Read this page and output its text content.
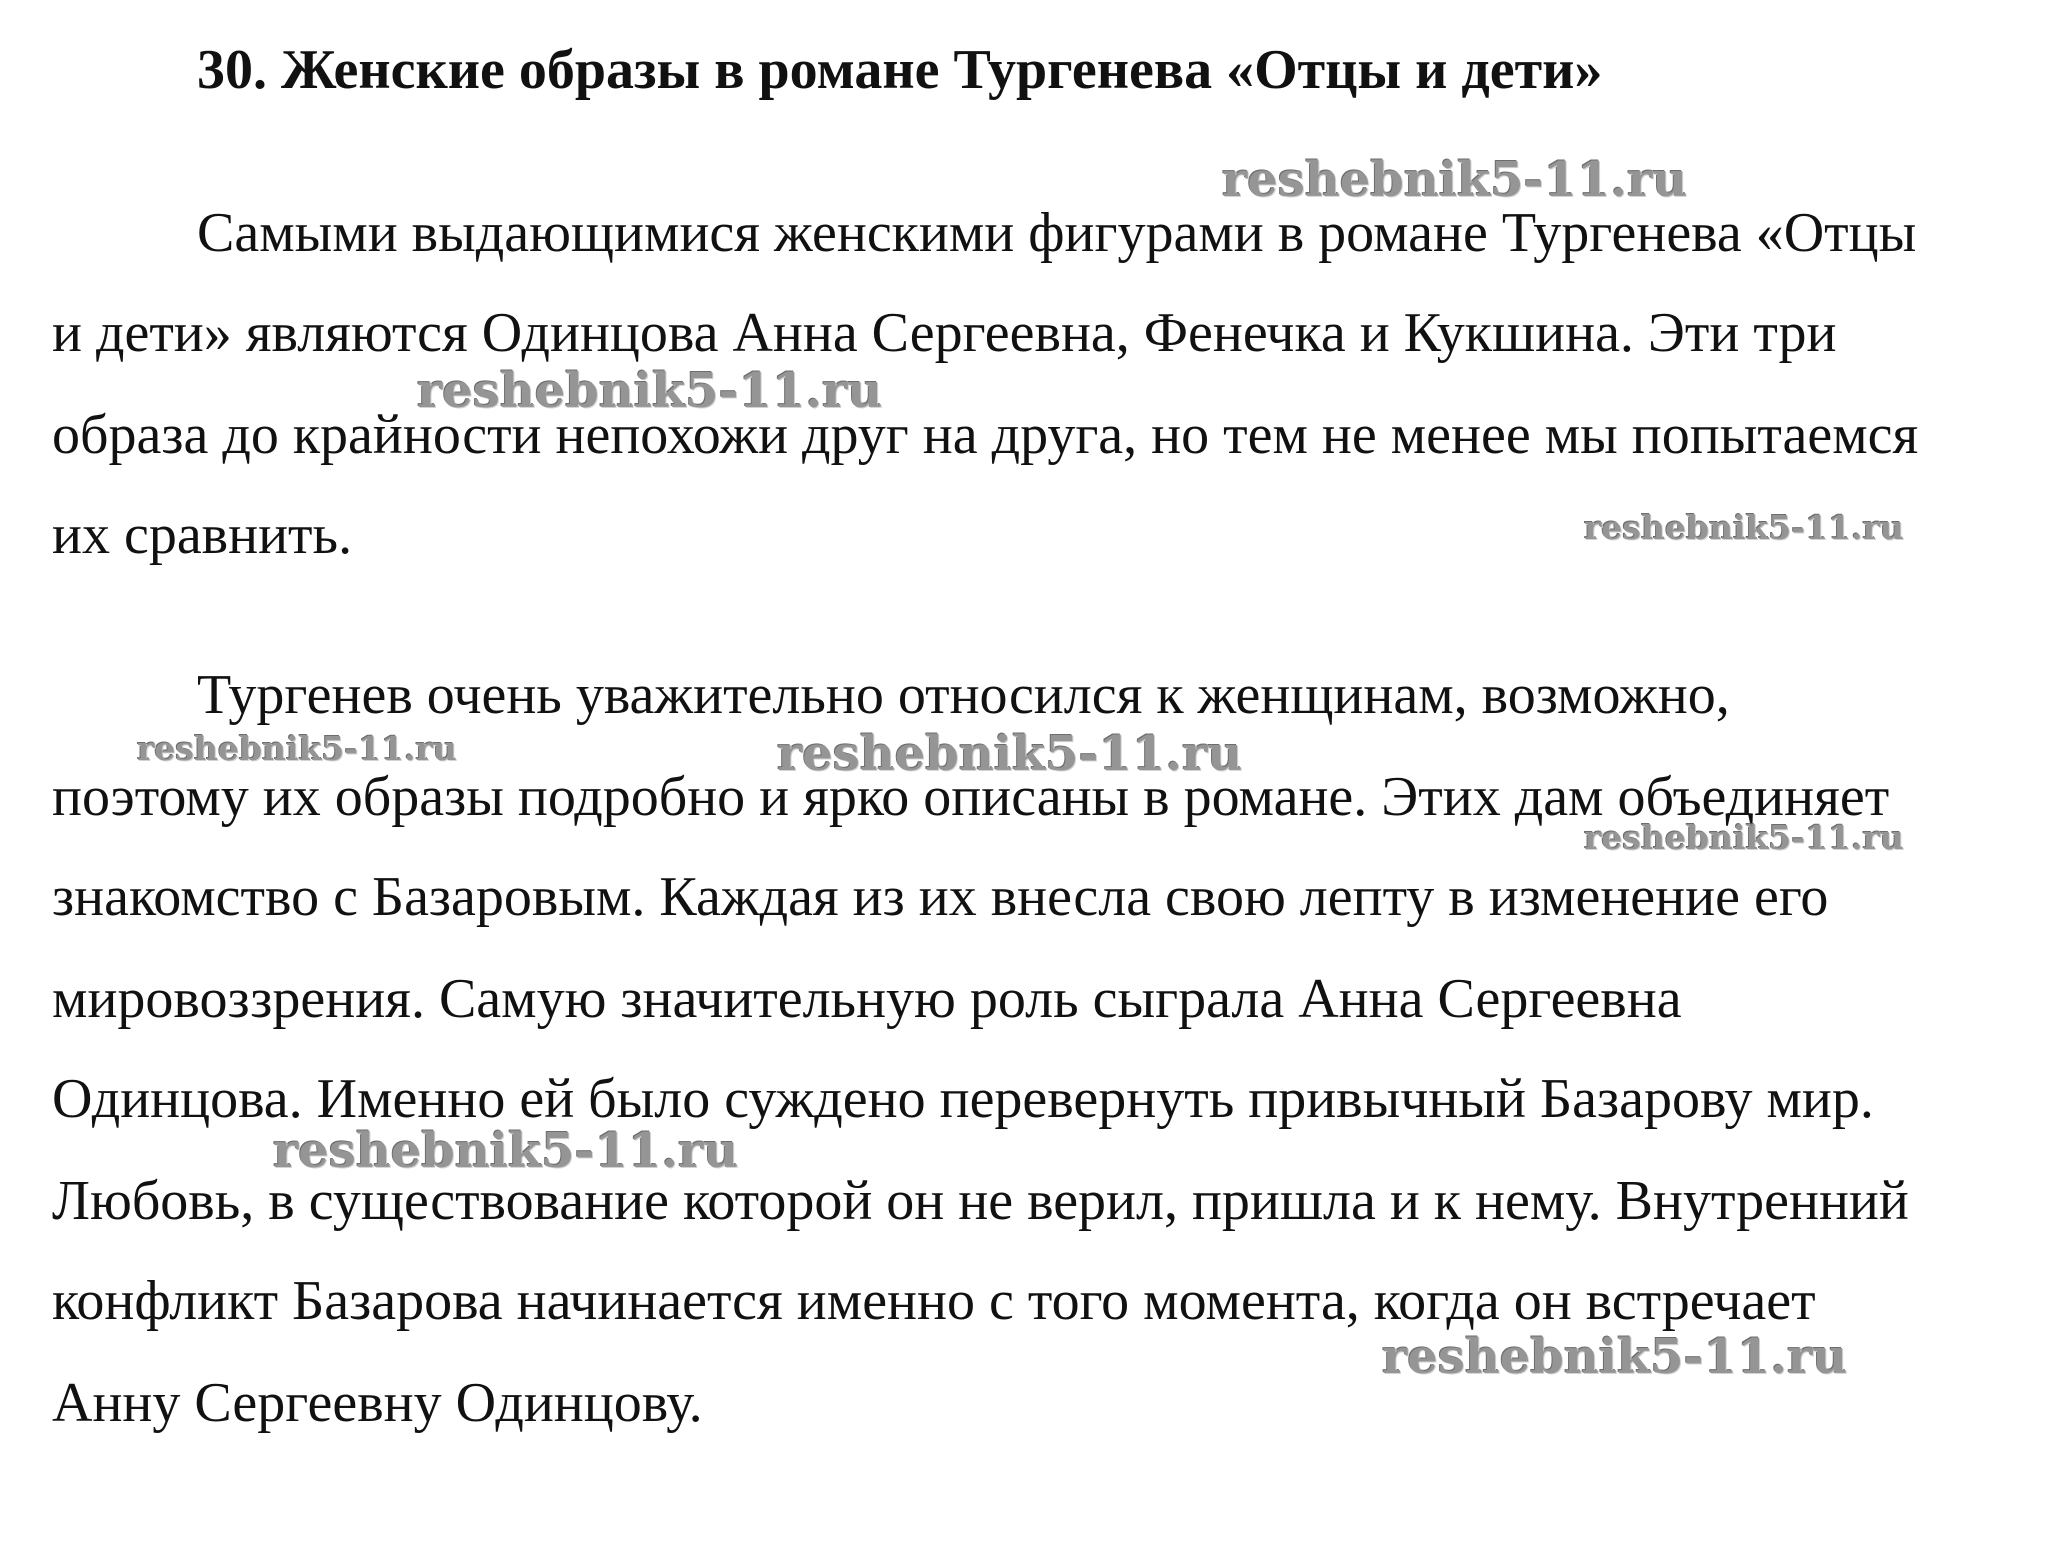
30. Женские образы в романе Тургенева «Отцы и дети»

Самыми выдающимися женскими фигурами в романе Тургенева «Отцы

и дети» являются Одинцова Анна Сергеевна, Фенечка и Кукшина. Эти три

образа до крайности непохожи друг на друга, но тем не менее мы попытаемся

их сравнить.

Тургенев очень уважительно относился к женщинам, возможно,

поэтому их образы подробно и ярко описаны в романе. Этих дам объединяет

знакомство с Базаровым. Каждая из их внесла свою лепту в изменение его

мировоззрения. Самую значительную роль сыграла Анна Сергеевна

Одинцова. Именно ей было суждено перевернуть привычный Базарову мир.

Любовь, в существование которой он не верил, пришла и к нему. Внутренний

конфликт Базарова начинается именно с того момента, когда он встречает

Анну Сергеевну Одинцову.

reshebnik5-11.ru
reshebnik5-11.ru
reshebnik5-11.ru
reshebnik5-11.ru	reshebnik5-11.ru
reshebnik5-11.ru
reshebnik5-11.ru
reshebnik5-11.ru
